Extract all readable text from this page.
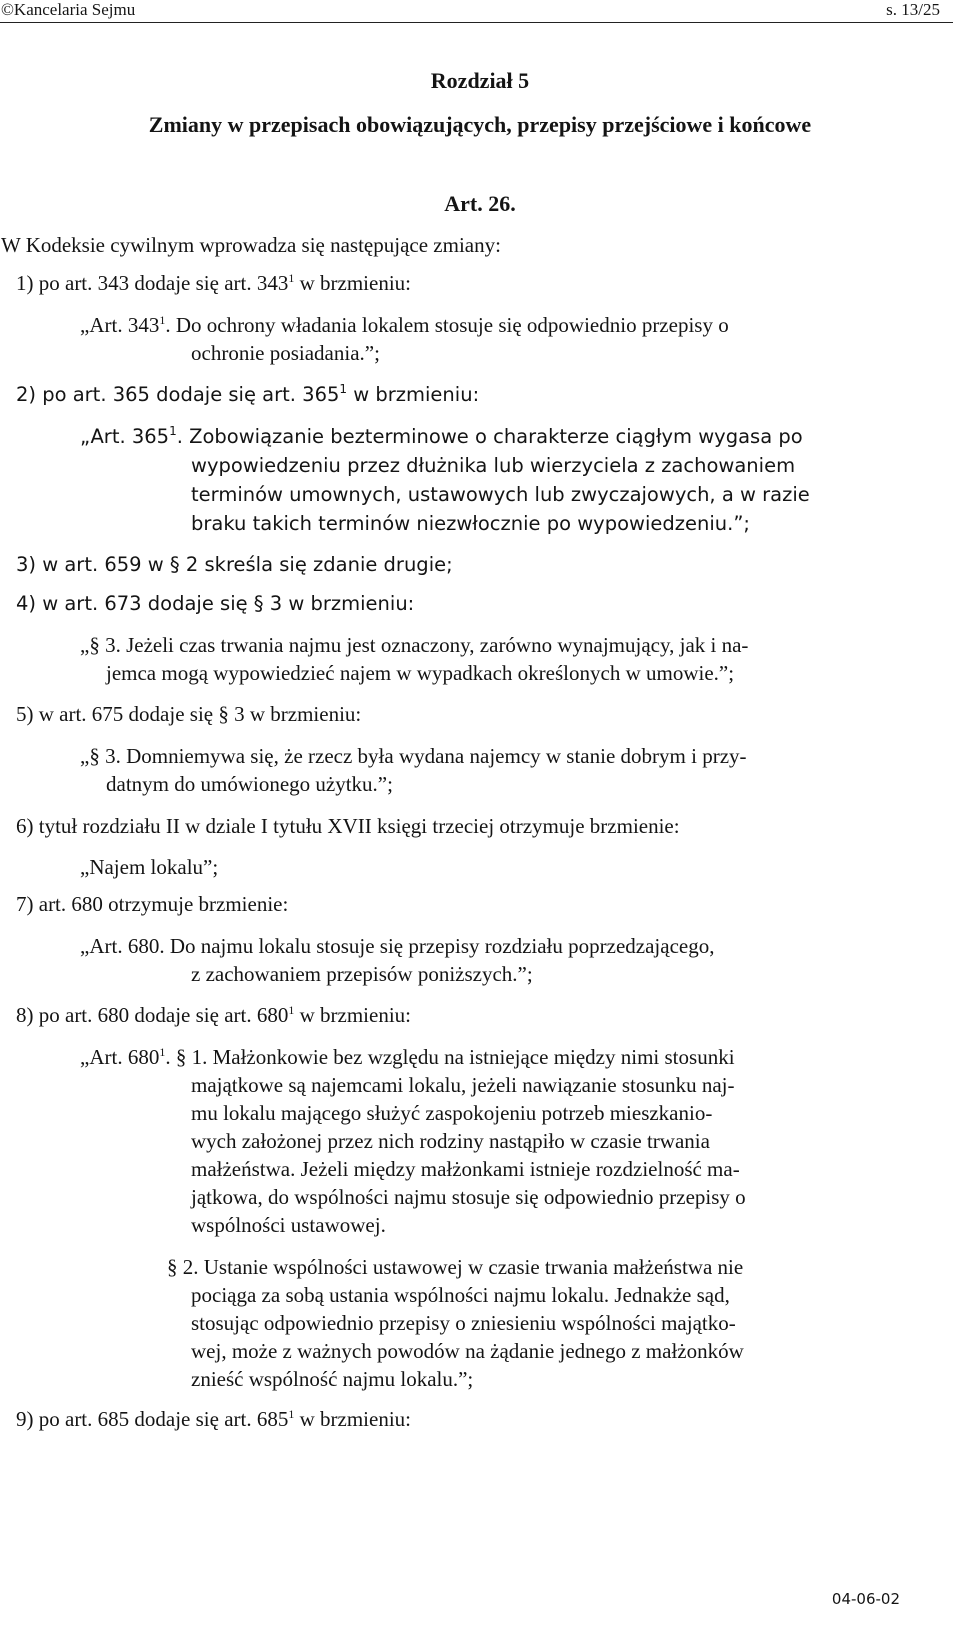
©Kancelaria Sejmu	s. 13/25
Rozdział 5
Zmiany w przepisach obowiązujących, przepisy przejściowe i końcowe
Art. 26.
W Kodeksie cywilnym wprowadza się następujące zmiany:
1) po art. 343 dodaje się art. $343^1$ w brzmieniu:
„Art. $343^1$. Do ochrony władania lokalem stosuje się odpowiednio przepisy o
ochronie posiadania.”;
2) po art. 365 dodaje się art. $365^1$ w brzmieniu:
„Art. $365^1$. Zobowiązanie bezterminowe o charakterze ciągłym wygasa po
wypowiedzeniu przez dłużnika lub wierzyciela z zachowaniem
terminów umownych, ustawowych lub zwyczajowych, a w razie
braku takich terminów niezwłocznie po wypowiedzeniu.”;
3) w art. 659 w § 2 skreśla się zdanie drugie;
4) w art. 673 dodaje się § 3 w brzmieniu:
„§ 3. Jeżeli czas trwania najmu jest oznaczony, zarówno wynajmujący, jak i na-
jemca mogą wypowiedzieć najem w wypadkach określonych w umowie.”;
5) w art. 675 dodaje się § 3 w brzmieniu:
„§ 3. Domniemywa się, że rzecz była wydana najemcy w stanie dobrym i przy-
datnym do umówionego użytku.”;
6) tytuł rozdziału II w dziale I tytułu XVII księgi trzeciej otrzymuje brzmienie:
„Najem lokalu”;
7) art. 680 otrzymuje brzmienie:
„Art. 680. Do najmu lokalu stosuje się przepisy rozdziału poprzedzającego,
z zachowaniem przepisów poniższych.”;
8) po art. 680 dodaje się art. $680^1$ w brzmieniu:
„Art. $680^1$. § 1. Małżonkowie bez względu na istniejące między nimi stosunki
majątkowe są najemcami lokalu, jeżeli nawiązanie stosunku naj-
mu lokalu mającego służyć zaspokojeniu potrzeb mieszkanio-
wych założonej przez nich rodziny nastąpiło w czasie trwania
małżeństwa. Jeżeli między małżonkami istnieje rozdzielność ma-
jątkowa, do wspólności najmu stosuje się odpowiednio przepisy o
wspólności ustawowej.
§ 2. Ustanie wspólności ustawowej w czasie trwania małżeństwa nie
pociąga za sobą ustania wspólności najmu lokalu. Jednakże sąd,
stosując odpowiednio przepisy o zniesieniu wspólności majątko-
wej, może z ważnych powodów na żądanie jednego z małżonków
znieść wspólność najmu lokalu.”;
9) po art. 685 dodaje się art. $685^1$ w brzmieniu:
04-06-02
